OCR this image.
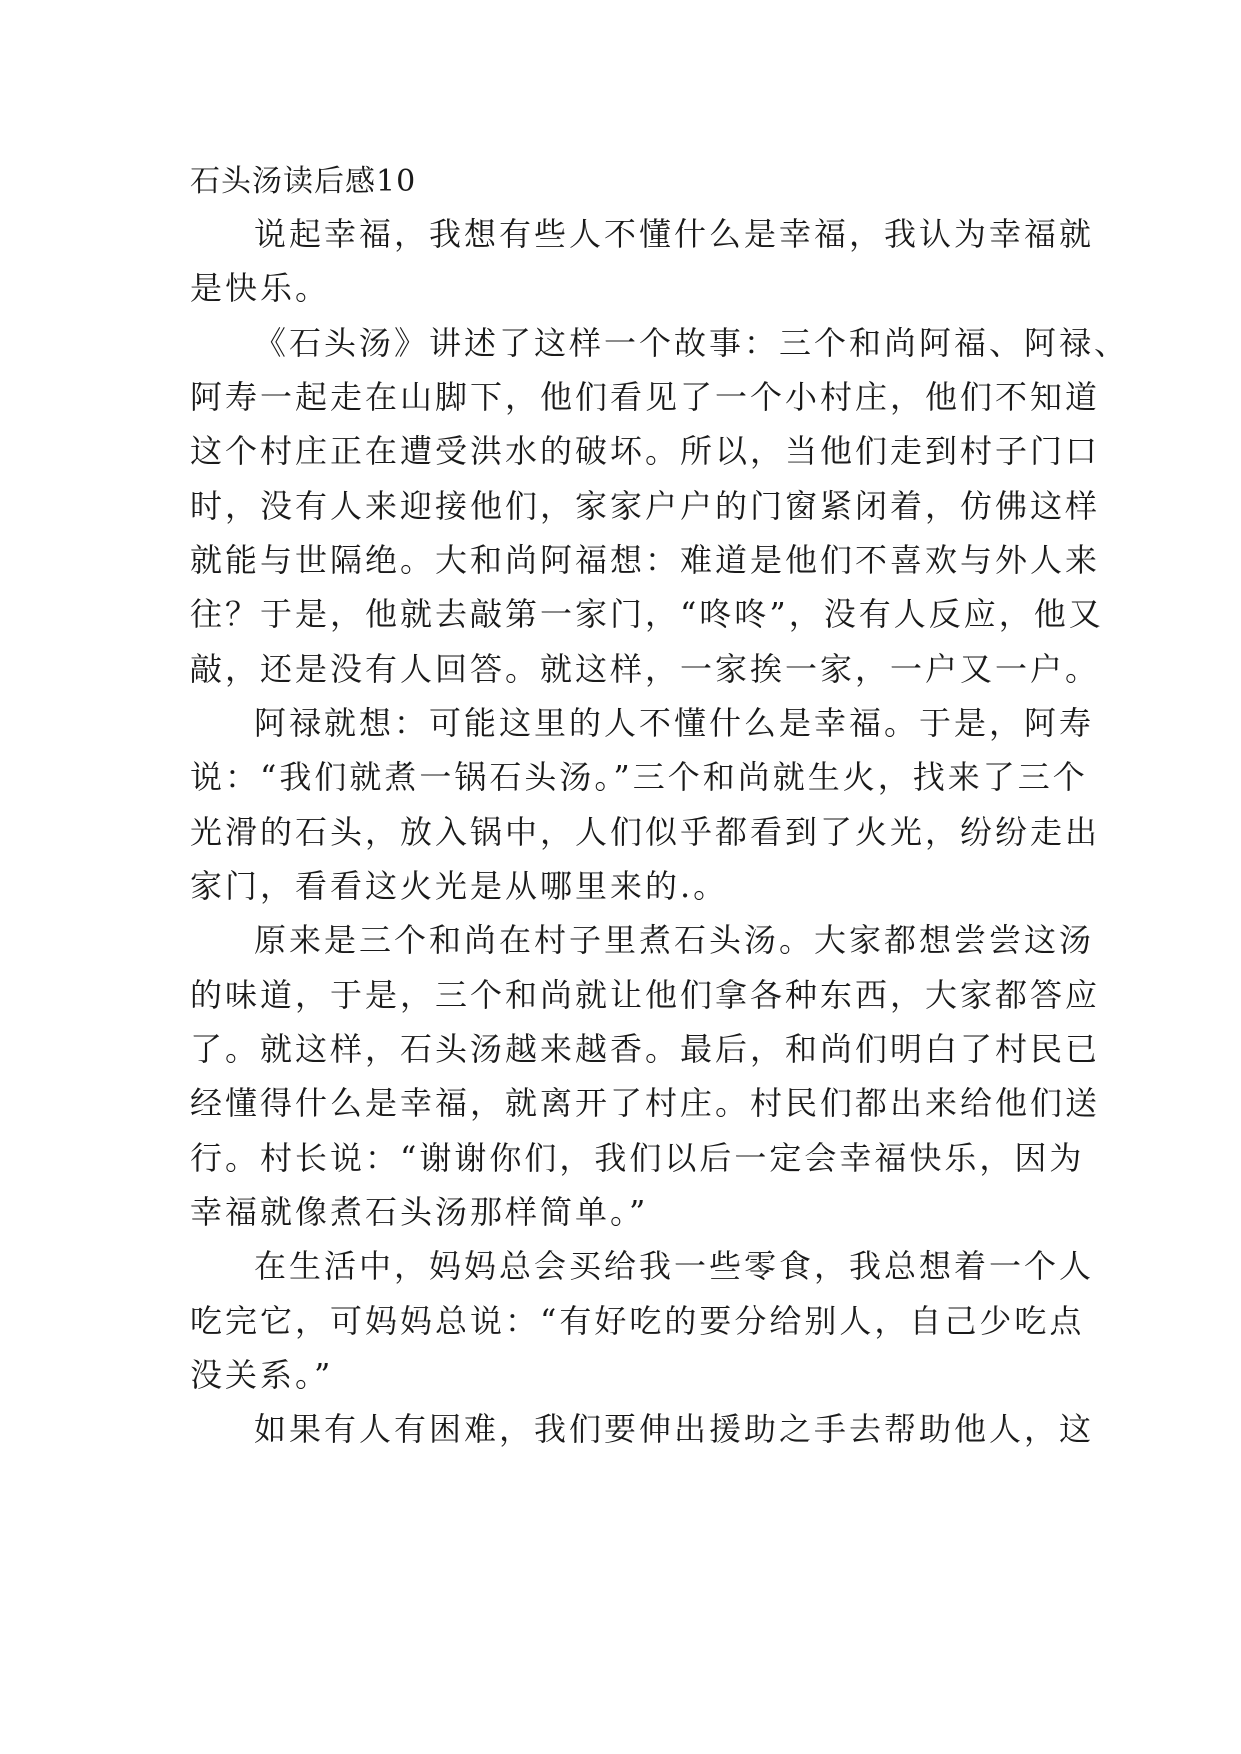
石头汤读后感10
说起幸福，我想有些人不懂什么是幸福，我认为幸福就
是快乐。
《石头汤》讲述了这样一个故事：三个和尚阿福、阿禄、
阿寿一起走在山脚下，他们看见了一个小村庄，他们不知道
这个村庄正在遭受洪水的破坏。所以，当他们走到村子门口
时，没有人来迎接他们，家家户户的门窗紧闭着，仿佛这样
就能与世隔绝。大和尚阿福想：难道是他们不喜欢与外人来
往？于是，他就去敲第一家门，“咚咚”，没有人反应，他又
敲，还是没有人回答。就这样，一家挨一家，一户又一户。
阿禄就想：可能这里的人不懂什么是幸福。于是，阿寿
说：“我们就煮一锅石头汤。”三个和尚就生火，找来了三个
光滑的石头，放入锅中，人们似乎都看到了火光，纷纷走出
家门，看看这火光是从哪里来的.。
原来是三个和尚在村子里煮石头汤。大家都想尝尝这汤
的味道，于是，三个和尚就让他们拿各种东西，大家都答应
了。就这样，石头汤越来越香。最后，和尚们明白了村民已
经懂得什么是幸福，就离开了村庄。村民们都出来给他们送
行。村长说：“谢谢你们，我们以后一定会幸福快乐，因为
幸福就像煮石头汤那样简单。”
在生活中，妈妈总会买给我一些零食，我总想着一个人
吃完它，可妈妈总说：“有好吃的要分给别人，自己少吃点
没关系。”
如果有人有困难，我们要伸出援助之手去帮助他人，这
